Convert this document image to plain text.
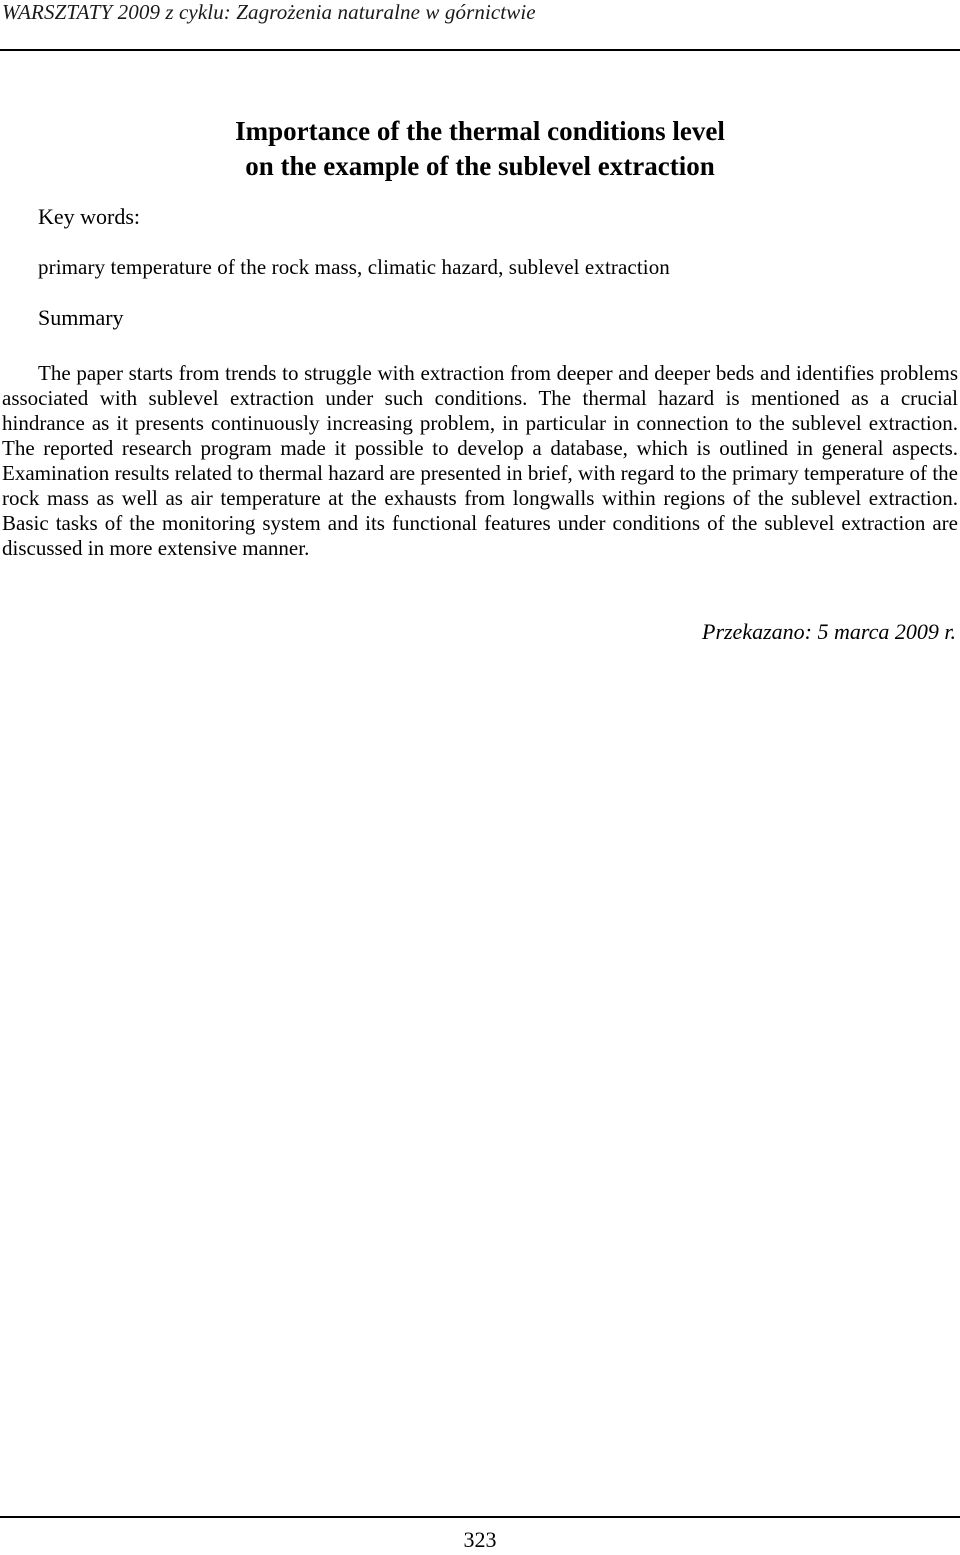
WARSZTATY 2009 z cyklu: Zagrożenia naturalne w górnictwie
Importance of the thermal conditions level
on the example of the sublevel extraction
Key words:
primary temperature of the rock mass, climatic hazard, sublevel extraction
Summary

The paper starts from trends to struggle with extraction from deeper and deeper beds and identifies problems associated with sublevel extraction under such conditions. The thermal hazard is mentioned as a crucial hindrance as it presents continuously increasing problem, in particular in connection to the sublevel extraction. The reported research program made it possible to develop a database, which is outlined in general aspects. Examination results related to thermal hazard are presented in brief, with regard to the primary temperature of the rock mass as well as air temperature at the exhausts from longwalls within regions of the sublevel extraction. Basic tasks of the monitoring system and its functional features under conditions of the sublevel extraction are discussed in more extensive manner.

Przekazano: 5 marca 2009 r.
323
